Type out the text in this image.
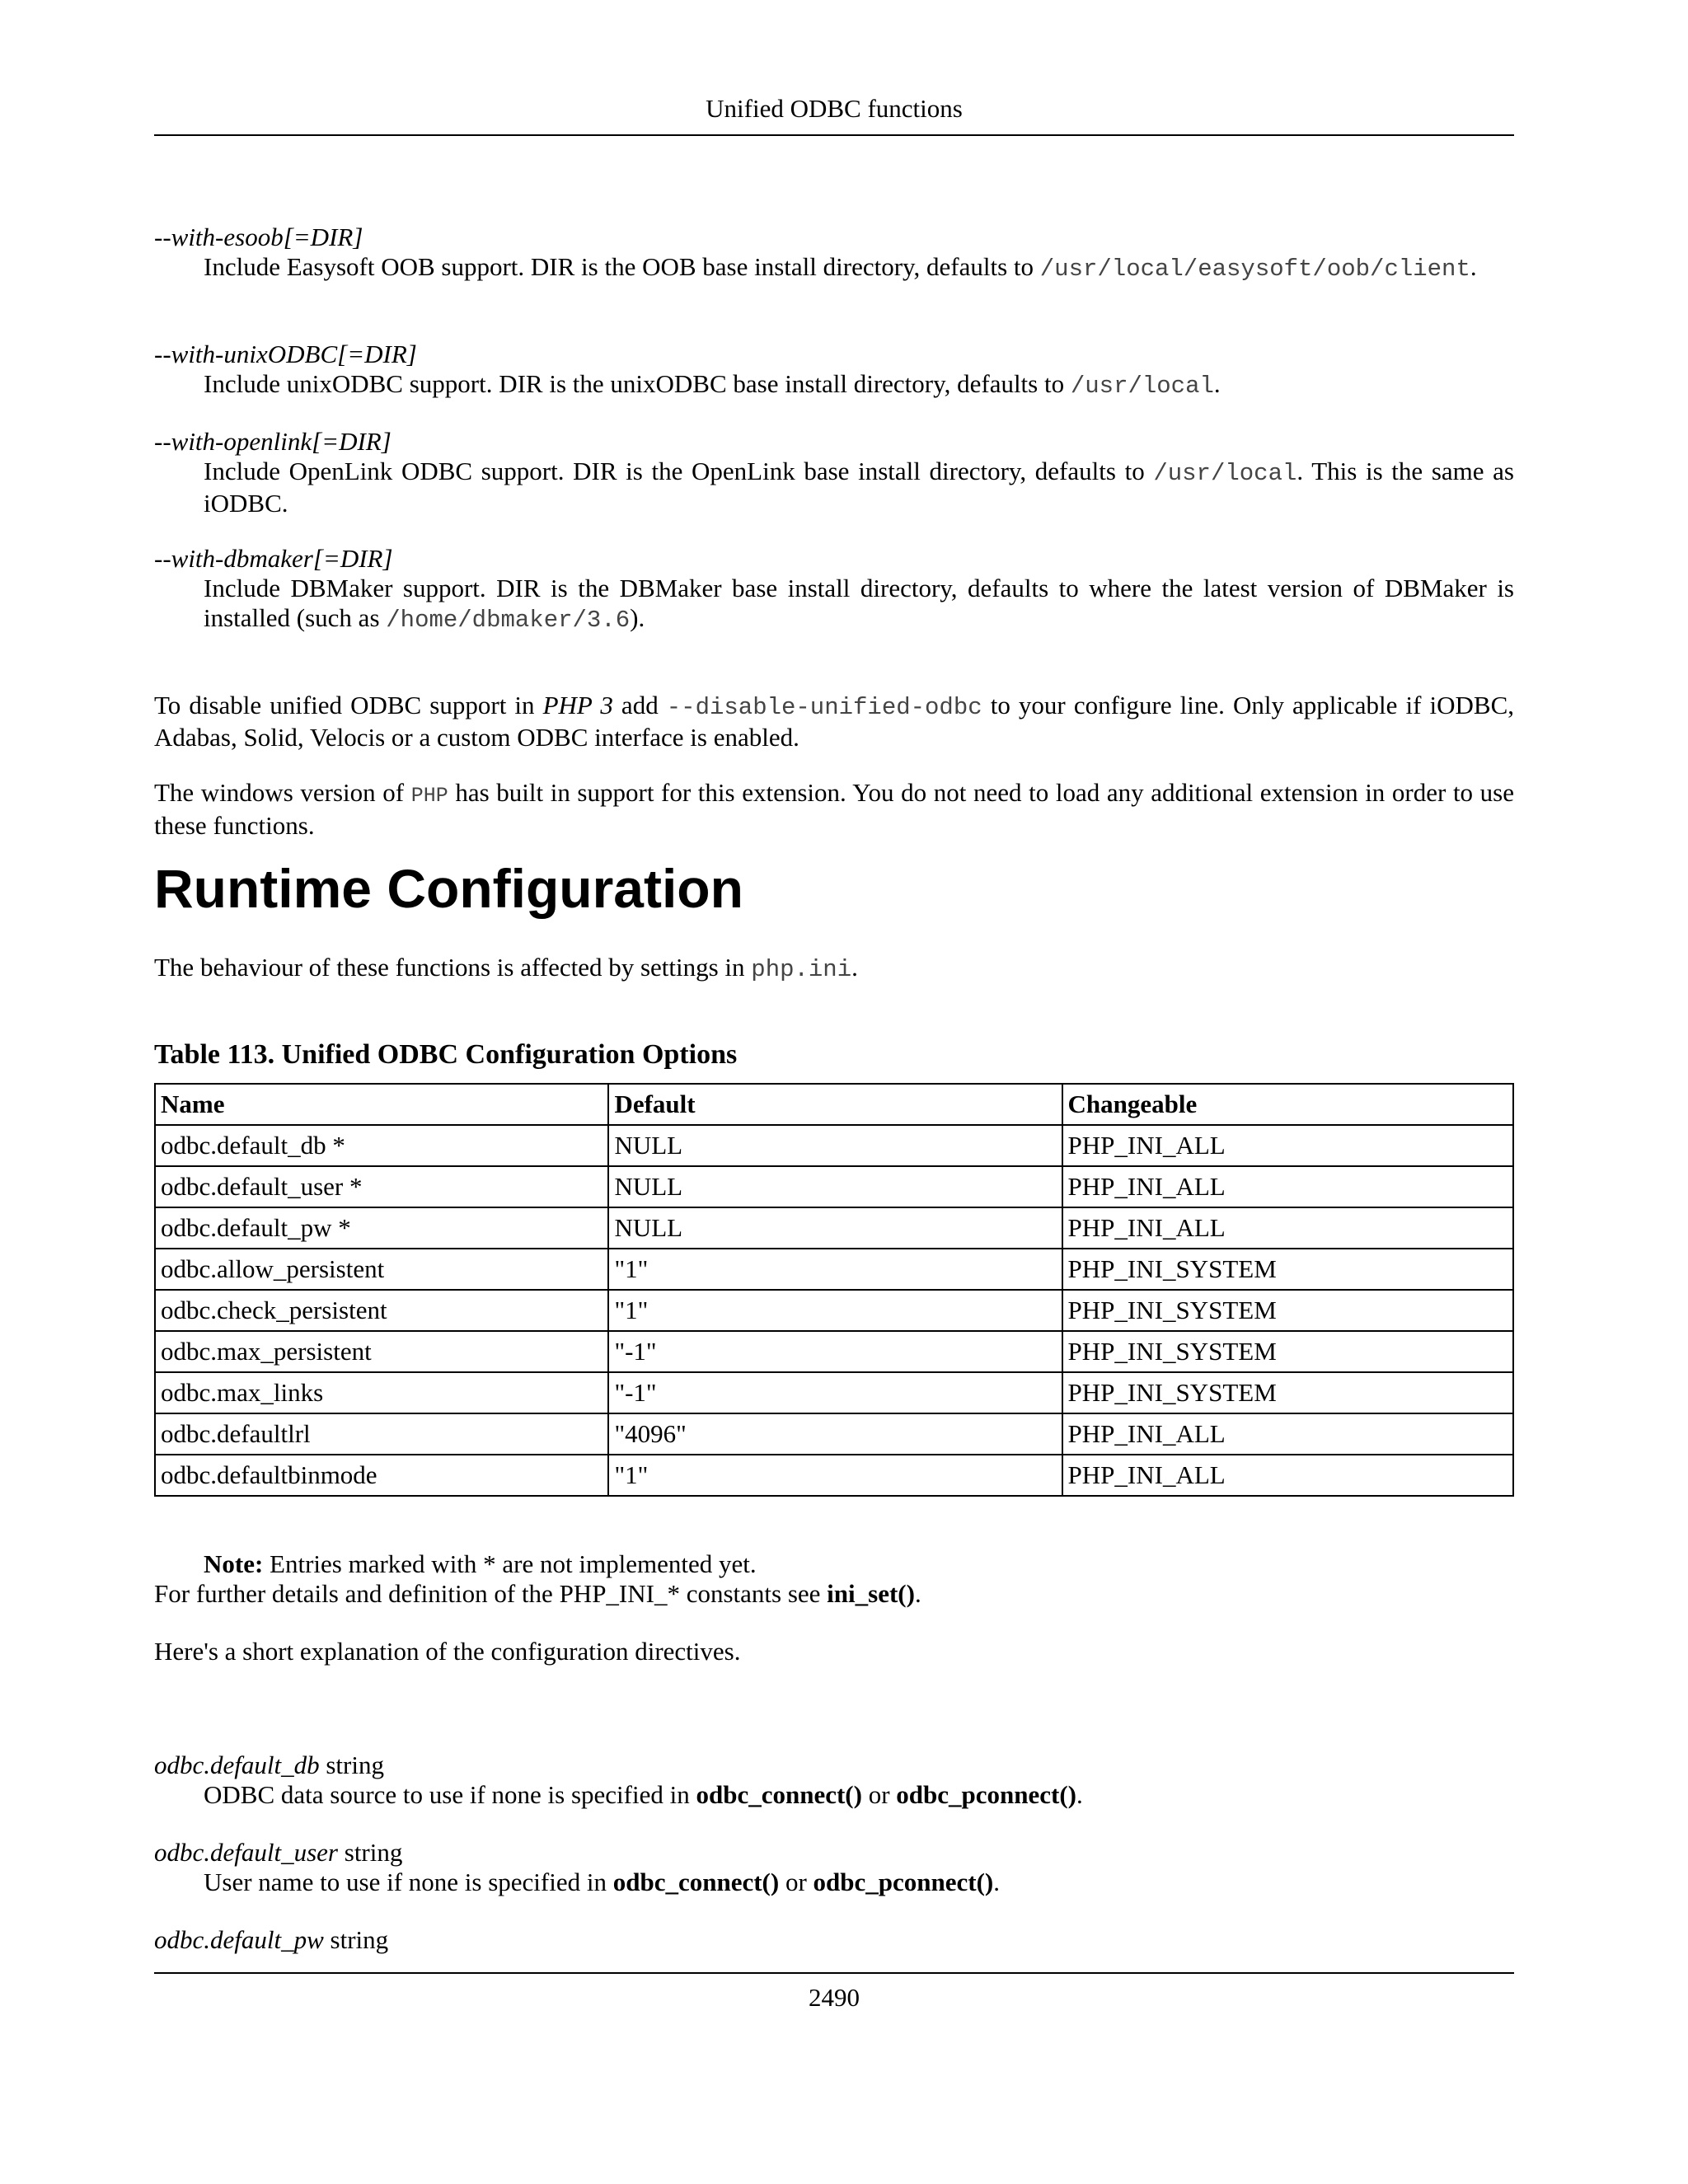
Unified ODBC functions
--with-esoob[=DIR]
Include Easysoft OOB support. DIR is the OOB base install directory, defaults to /usr/local/easysoft/oob/client.
--with-unixODBC[=DIR]
Include unixODBC support. DIR is the unixODBC base install directory, defaults to /usr/local.
--with-openlink[=DIR]
Include OpenLink ODBC support. DIR is the OpenLink base install directory, defaults to /usr/local. This is the same as iODBC.
--with-dbmaker[=DIR]
Include DBMaker support. DIR is the DBMaker base install directory, defaults to where the latest version of DBMaker is installed (such as /home/dbmaker/3.6).
To disable unified ODBC support in PHP 3 add --disable-unified-odbc to your configure line. Only applicable if iODBC, Adabas, Solid, Velocis or a custom ODBC interface is enabled.
The windows version of PHP has built in support for this extension. You do not need to load any additional extension in order to use these functions.
Runtime Configuration
The behaviour of these functions is affected by settings in php.ini.
Table 113. Unified ODBC Configuration Options
Name	Default	Changeable
odbc.default_db *	NULL	PHP_INI_ALL
odbc.default_user *	NULL	PHP_INI_ALL
odbc.default_pw *	NULL	PHP_INI_ALL
odbc.allow_persistent	"1"	PHP_INI_SYSTEM
odbc.check_persistent	"1"	PHP_INI_SYSTEM
odbc.max_persistent	"-1"	PHP_INI_SYSTEM
odbc.max_links	"-1"	PHP_INI_SYSTEM
odbc.defaultlrl	"4096"	PHP_INI_ALL
odbc.defaultbinmode	"1"	PHP_INI_ALL
Note: Entries marked with * are not implemented yet.
For further details and definition of the PHP_INI_* constants see ini_set().
Here's a short explanation of the configuration directives.
odbc.default_db string
ODBC data source to use if none is specified in odbc_connect() or odbc_pconnect().
odbc.default_user string
User name to use if none is specified in odbc_connect() or odbc_pconnect().
odbc.default_pw string
2490
